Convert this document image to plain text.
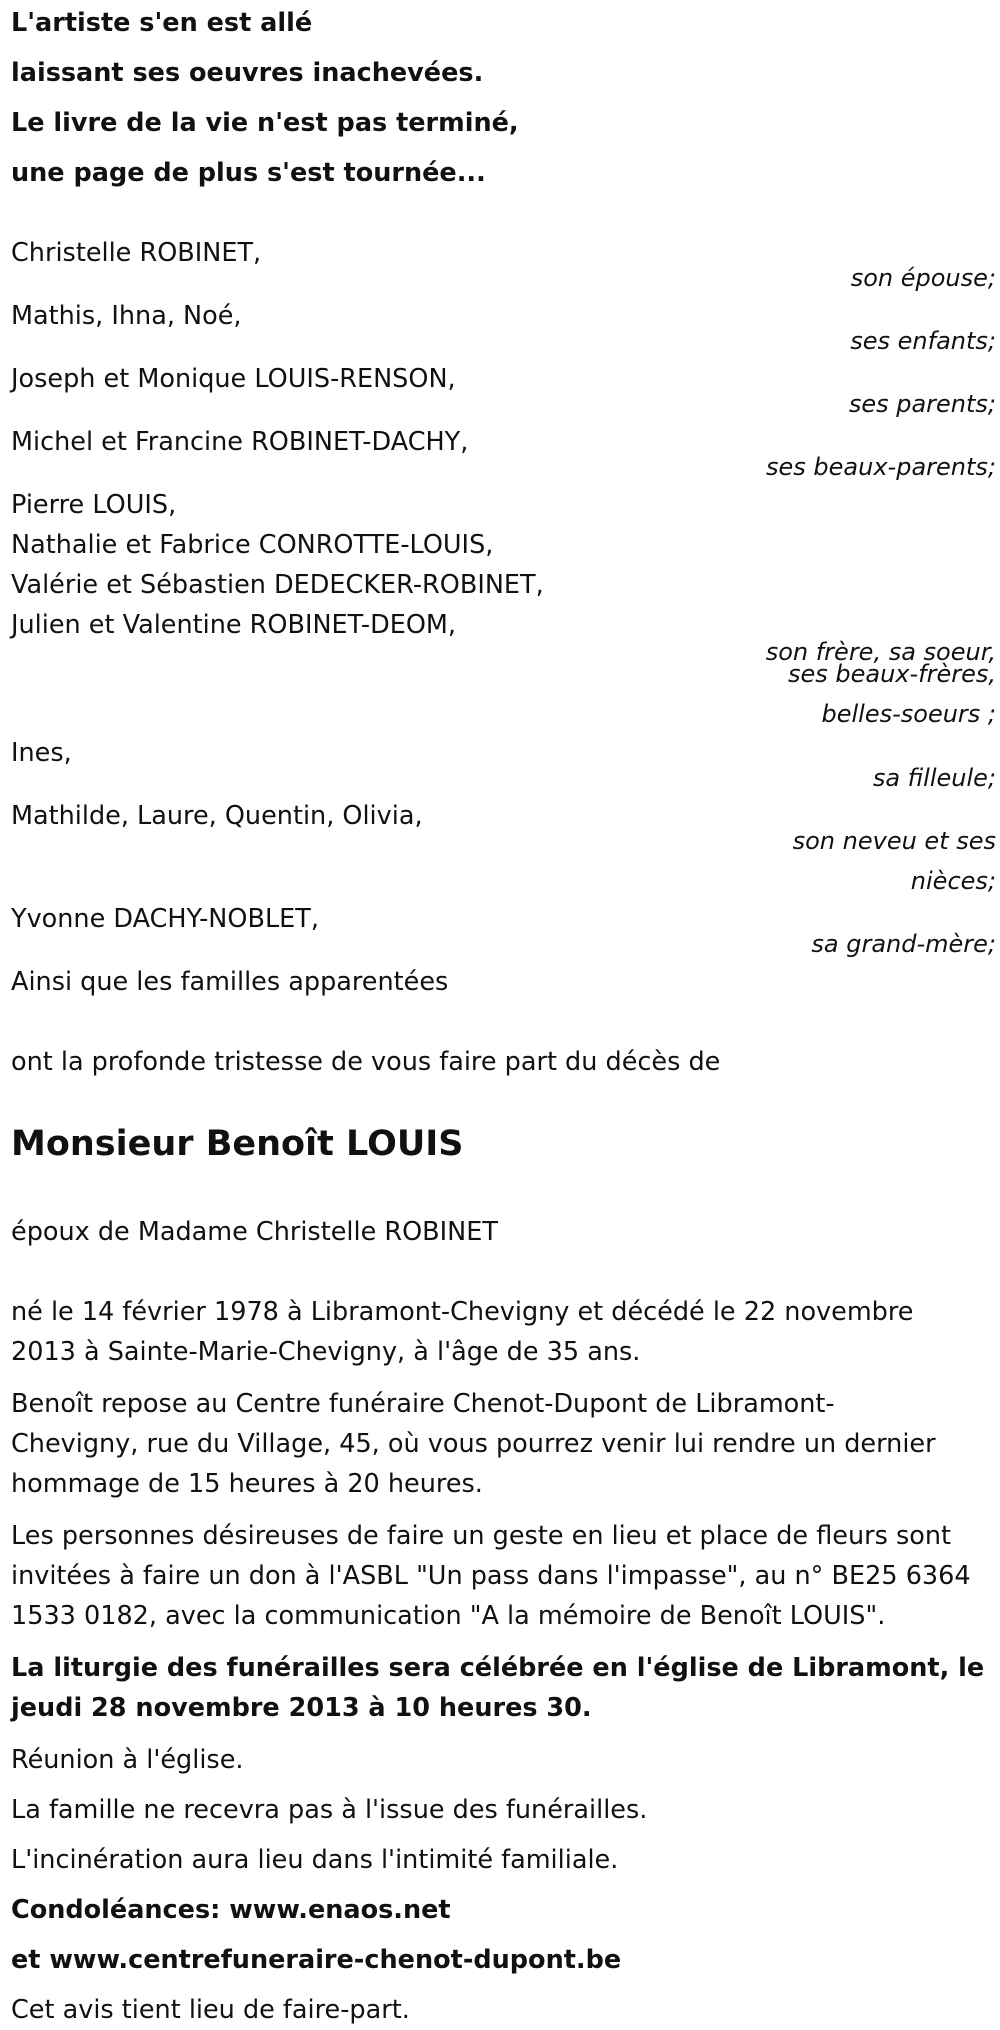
L'artiste s'en est allé

laissant ses oeuvres inachevées.

Le livre de la vie n'est pas terminé,

une page de plus s'est tournée...

Christelle ROBINET,

son épouse;

Mathis, Ihna, Noé,

ses enfants;

Joseph et Monique LOUIS-RENSON,

ses parents;

Michel et Francine ROBINET-DACHY,

ses beaux-parents;

Pierre LOUIS,

Nathalie et Fabrice CONROTTE-LOUIS,

Valérie et Sébastien DEDECKER-ROBINET,

Julien et Valentine ROBINET-DEOM,

son frère, sa soeur,

ses beaux-frères,

belles-soeurs ;

Ines,

sa filleule;

Mathilde, Laure, Quentin, Olivia,

son neveu et ses

nièces;

Yvonne DACHY-NOBLET,

sa grand-mère;

Ainsi que les familles apparentées

ont la profonde tristesse de vous faire part du décès de

Monsieur Benoît LOUIS

époux de Madame Christelle ROBINET

né le 14 février 1978 à Libramont-Chevigny et décédé le 22 novembre

2013 à Sainte-Marie-Chevigny, à l'âge de 35 ans.

Benoît repose au Centre funéraire Chenot-Dupont de Libramont-

Chevigny, rue du Village, 45, où vous pourrez venir lui rendre un dernier

hommage de 15 heures à 20 heures.

Les personnes désireuses de faire un geste en lieu et place de fleurs sont

invitées à faire un don à l'ASBL "Un pass dans l'impasse", au n° BE25 6364

1533 0182, avec la communication "A la mémoire de Benoît LOUIS".

La liturgie des funérailles sera célébrée en l'église de Libramont, le

jeudi 28 novembre 2013 à 10 heures 30.

Réunion à l'église.

La famille ne recevra pas à l'issue des funérailles.

L'incinération aura lieu dans l'intimité familiale.

Condoléances: www.enaos.net

et www.centrefuneraire-chenot-dupont.be

Cet avis tient lieu de faire-part.
